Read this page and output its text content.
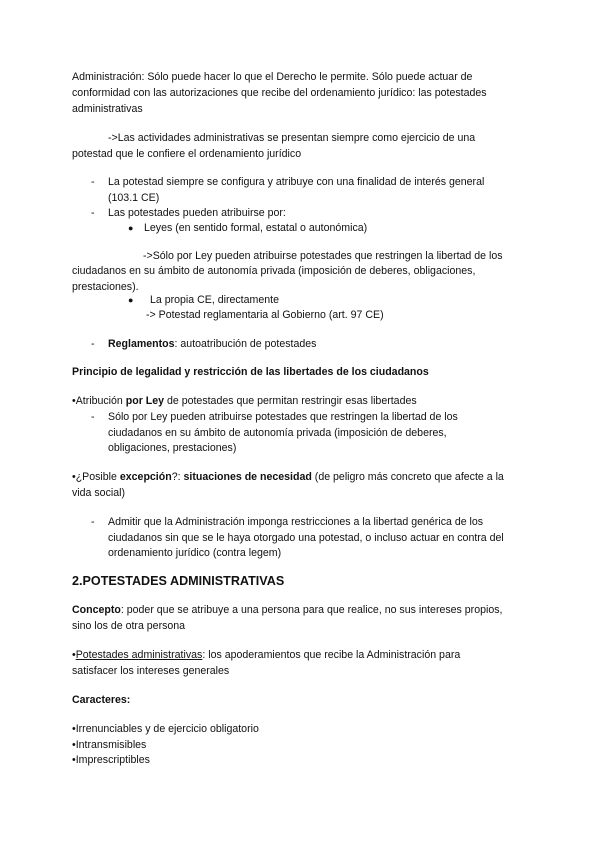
Administración: Sólo puede hacer lo que el Derecho le permite. Sólo puede actuar de
conformidad con las autorizaciones que recibe del ordenamiento jurídico: las potestades
administrativas
->Las actividades administrativas se presentan siempre como ejercicio de una
potestad que le confiere el ordenamiento jurídico
- La potestad siempre se configura y atribuye con una finalidad de interés general
(103.1 CE)
- Las potestades pueden atribuirse por:
● Leyes (en sentido formal, estatal o autonómica)
->Sólo por Ley pueden atribuirse potestades que restringen la libertad de los
ciudadanos en su ámbito de autonomía privada (imposición de deberes, obligaciones,
prestaciones).
● La propia CE, directamente
-> Potestad reglamentaria al Gobierno (art. 97 CE)
- Reglamentos: autoatribución de potestades
Principio de legalidad y restricción de las libertades de los ciudadanos
•Atribución por Ley de potestades que permitan restringir esas libertades
- Sólo por Ley pueden atribuirse potestades que restringen la libertad de los
ciudadanos en su ámbito de autonomía privada (imposición de deberes,
obligaciones, prestaciones)
•¿Posible excepción?: situaciones de necesidad (de peligro más concreto que afecte a la
vida social)
- Admitir que la Administración imponga restricciones a la libertad genérica de los
ciudadanos sin que se le haya otorgado una potestad, o incluso actuar en contra del
ordenamiento jurídico (contra legem)
2.POTESTADES ADMINISTRATIVAS
Concepto: poder que se atribuye a una persona para que realice, no sus intereses propios,
sino los de otra persona
•Potestades administrativas: los apoderamientos que recibe la Administración para
satisfacer los intereses generales
Caracteres:
•Irrenunciables y de ejercicio obligatorio
•Intransmisibles
•Imprescriptibles
